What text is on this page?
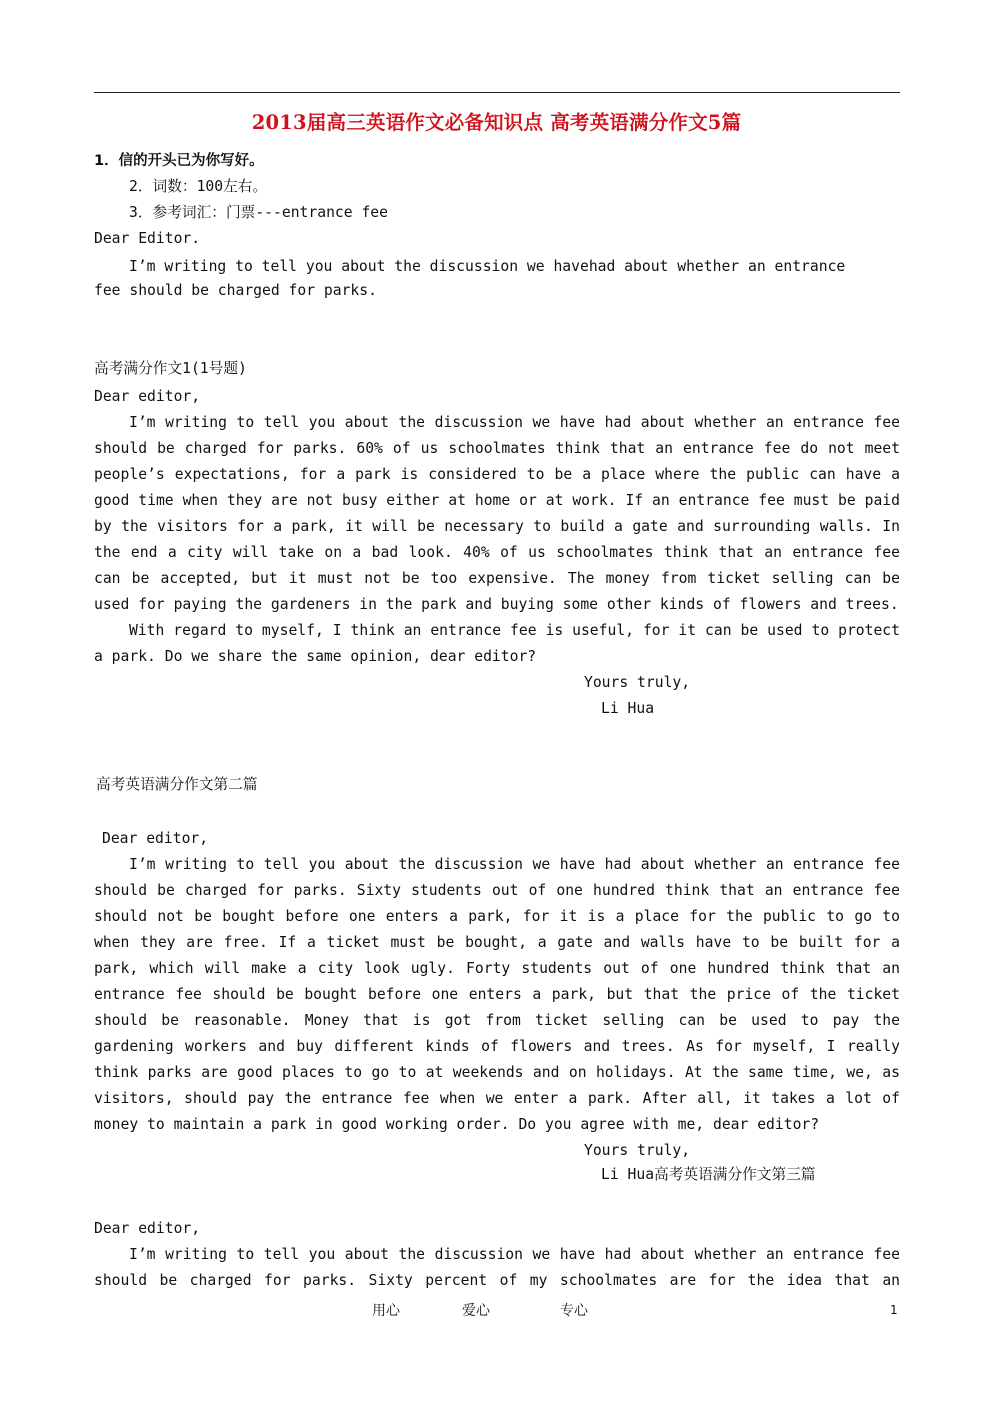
2013届高三英语作文必备知识点 高考英语满分作文5篇
1．信的开头已为你写好。
2．词数：100左右。
3．参考词汇：门票---entrance fee
Dear Editor.
I’m writing to tell you about the discussion we havehad about whether an entrance
fee should be charged for parks.
高考满分作文1(1号题)
Dear editor,
I’m writing to tell you about the discussion we have had about whether an entrance fee
should be charged for parks. 60% of us schoolmates think that an entrance fee do not meet
people’s expectations, for a park is considered to be a place where the public can have a
good time when they are not busy either at home or at work. If an entrance fee must be paid
by the visitors for a park, it will be necessary to build a gate and surrounding walls. In
the end a city will take on a bad look. 40% of us schoolmates think that an entrance fee
can be accepted, but it must not be too expensive. The money from ticket selling can be
used for paying the gardeners in the park and buying some other kinds of flowers and trees.
With regard to myself, I think an entrance fee is useful, for it can be used to protect
a park. Do we share the same opinion, dear editor?
Yours truly,
Li Hua
高考英语满分作文第二篇
Dear editor,
I’m writing to tell you about the discussion we have had about whether an entrance fee
should be charged for parks. Sixty students out of one hundred think that an entrance fee
should not be bought before one enters a park, for it is a place for the public to go to
when they are free. If a ticket must be bought, a gate and walls have to be built for a
park, which will make a city look ugly. Forty students out of one hundred think that an
entrance fee should be bought before one enters a park, but that the price of the ticket
should be reasonable. Money that is got from ticket selling can be used to pay the
gardening workers and buy different kinds of flowers and trees. As for myself, I really
think parks are good places to go to at weekends and on holidays. At the same time, we, as
visitors, should pay the entrance fee when we enter a park. After all, it takes a lot of
money to maintain a park in good working order. Do you agree with me, dear editor?
Yours truly,
Li Hua高考英语满分作文第三篇
Dear editor,
I’m writing to tell you about the discussion we have had about whether an entrance fee
should be charged for parks. Sixty percent of my schoolmates are for the idea that an
用心	爱心	专心	1
